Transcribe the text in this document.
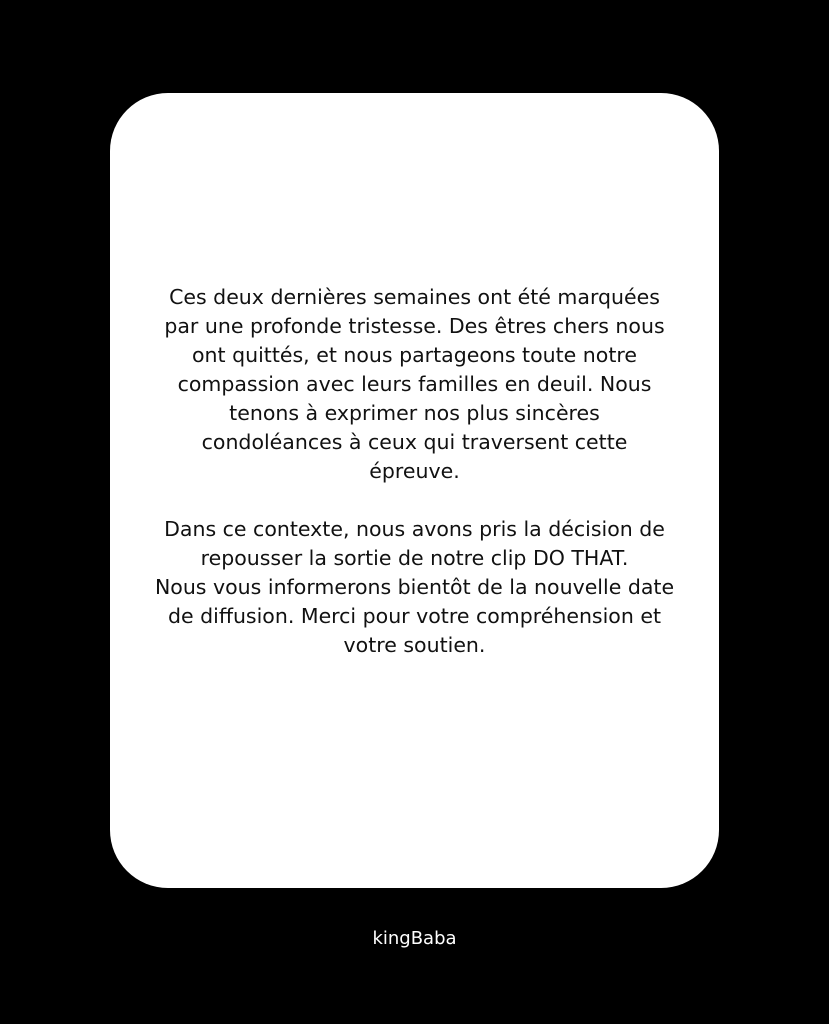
Ces deux dernières semaines ont été marquées
par une profonde tristesse. Des êtres chers nous
ont quittés, et nous partageons toute notre
compassion avec leurs familles en deuil. Nous
tenons à exprimer nos plus sincères
condoléances à ceux qui traversent cette
épreuve.

Dans ce contexte, nous avons pris la décision de
repousser la sortie de notre clip DO THAT.
Nous vous informerons bientôt de la nouvelle date
de diffusion. Merci pour votre compréhension et
votre soutien.

kingBaba
